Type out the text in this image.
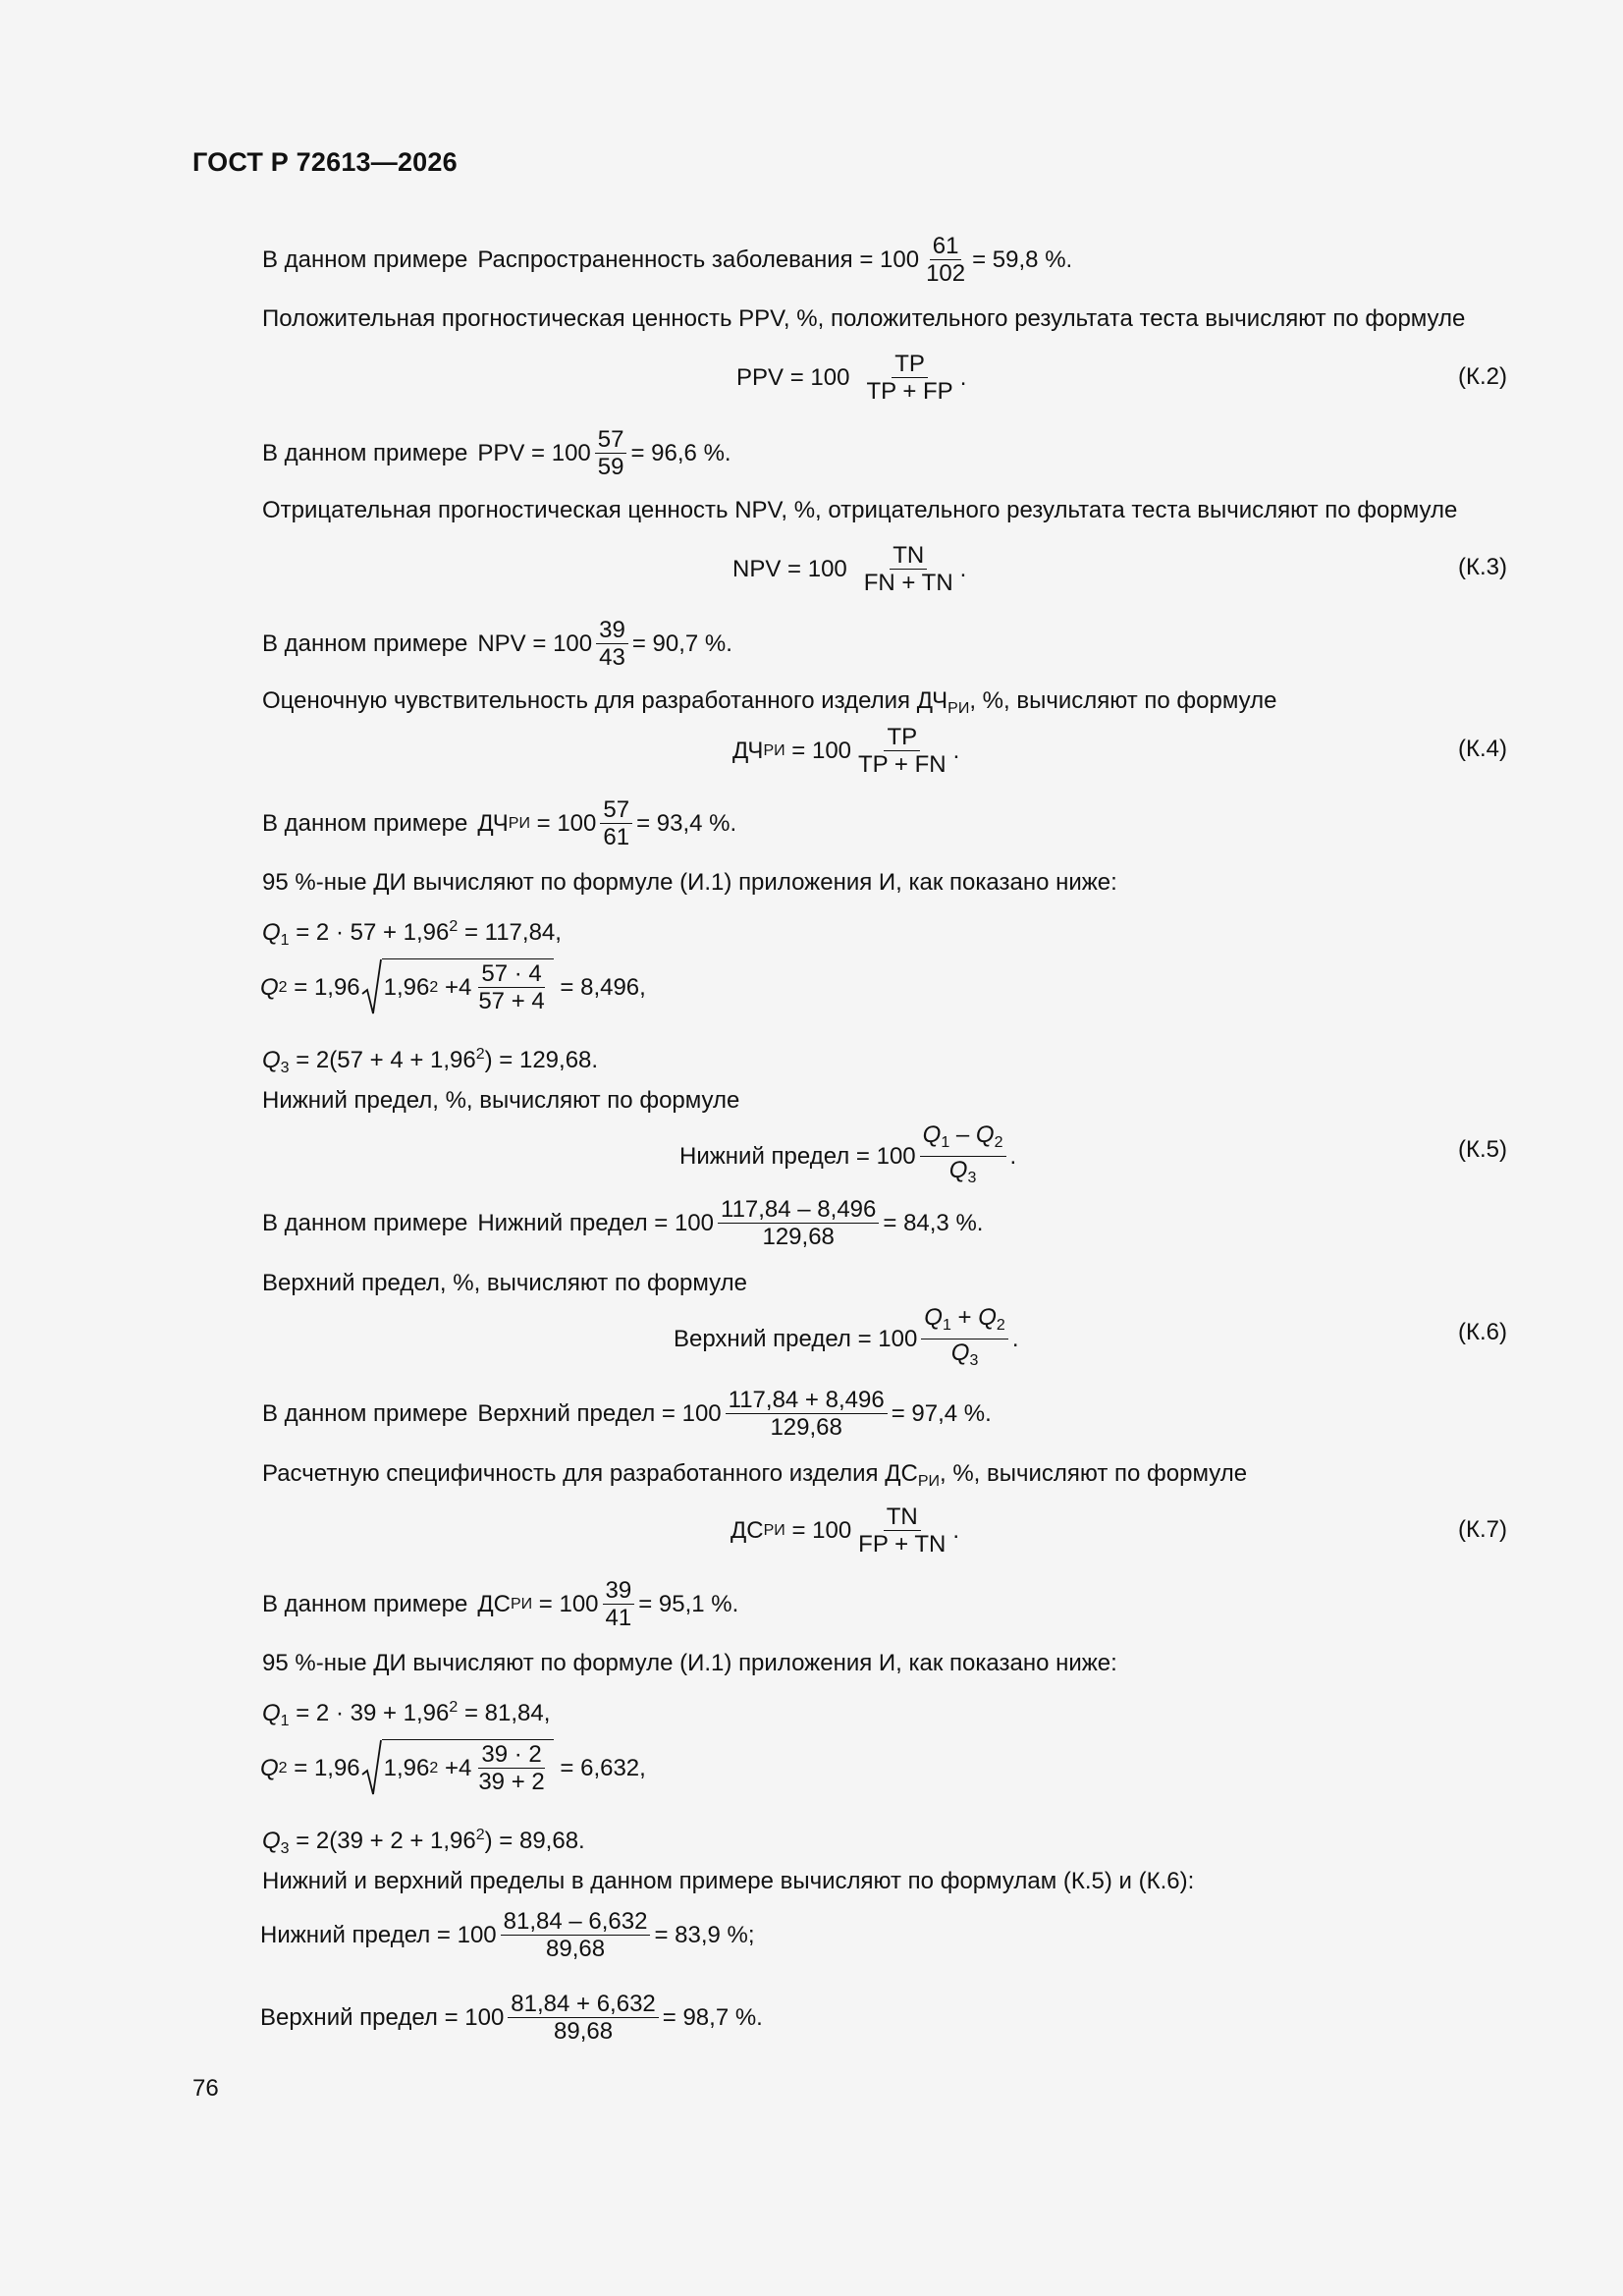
ГОСТ Р 72613—2026
В данном примере Распространенность заболевания
=
$100 \frac{61}{102}$ =
59,8
%.
Положительная прогностическая ценность PPV, %, положительного результата теста вычисляют по формуле
PPV
=
$100 \frac{TP}{TP + FP}$ .	(К.2)
В данном примере PPV
=
$100 \frac{57}{59}$ =
96,6
%.
Отрицательная прогностическая ценность NPV, %, отрицательного результата теста вычисляют по формуле
NPV
=
$100 \frac{TN}{FN + TN}$ .	(К.3)
В данном примере NPV
=
$100 \frac{39}{43}$ =
90,7
%.
Оценочную чувствительность для разработанного изделия $ДЧ_{РИ}$, %, вычисляют по формуле
ДЧ РИ
=
$100 \frac{TP}{TP + FN}$ .	(К.4)
В данном примере ДЧ РИ
=
$100 \frac{57}{61}$ =
93,4
%.
95 %-ные ДИ вычисляют по формуле (И.1) приложения И, как показано ниже:
$Q_1 = 2 \cdot 57 + 1,96^2 = 117,84$,
Q 2
=
1,96 1,96 2
$+4 \frac{57 \cdot 4}{57 + 4}$
=
8,496 ,
$Q_3 = 2(57 + 4 + 1,96^2) = 129,68$.
Нижний предел, %, вычисляют по формуле
Нижний предел
=
$100 \frac{Q_1 - Q_2}{Q_3}$ .	(К.5)
В данном примере Нижний предел
=
$100 \frac{117,84 - 8,496}{129,68}$ =
84,3
%.
Верхний предел, %, вычисляют по формуле
Верхний предел
=
$100 \frac{Q_1 + Q_2}{Q_3}$ .	(К.6)
В данном примере Верхний предел
=
$100 \frac{117,84 + 8,496}{129,68}$ =
97,4
%.
Расчетную специфичность для разработанного изделия $ДС_{РИ}$, %, вычисляют по формуле
ДС РИ
=
$100 \frac{TN}{FP + TN}$ .	(К.7)
В данном примере ДС РИ
=
$100 \frac{39}{41}$ =
95,1
%.
95 %-ные ДИ вычисляют по формуле (И.1) приложения И, как показано ниже:
$Q_1 = 2 \cdot 39 + 1,96^2 = 81,84$,
Q 2
=
1,96 1,96 2
$+4 \frac{39 \cdot 2}{39 + 2}$
=
6,632 ,
$Q_3 = 2(39 + 2 + 1,96^2) = 89,68$.
Нижний и верхний пределы в данном примере вычисляют по формулам (К.5) и (К.6):
Нижний предел
=
$100 \frac{81,84 - 6,632}{89,68}$ =
83,9
%;
Верхний предел
=
$100 \frac{81,84 + 6,632}{89,68}$ =
98,7
%.
76
